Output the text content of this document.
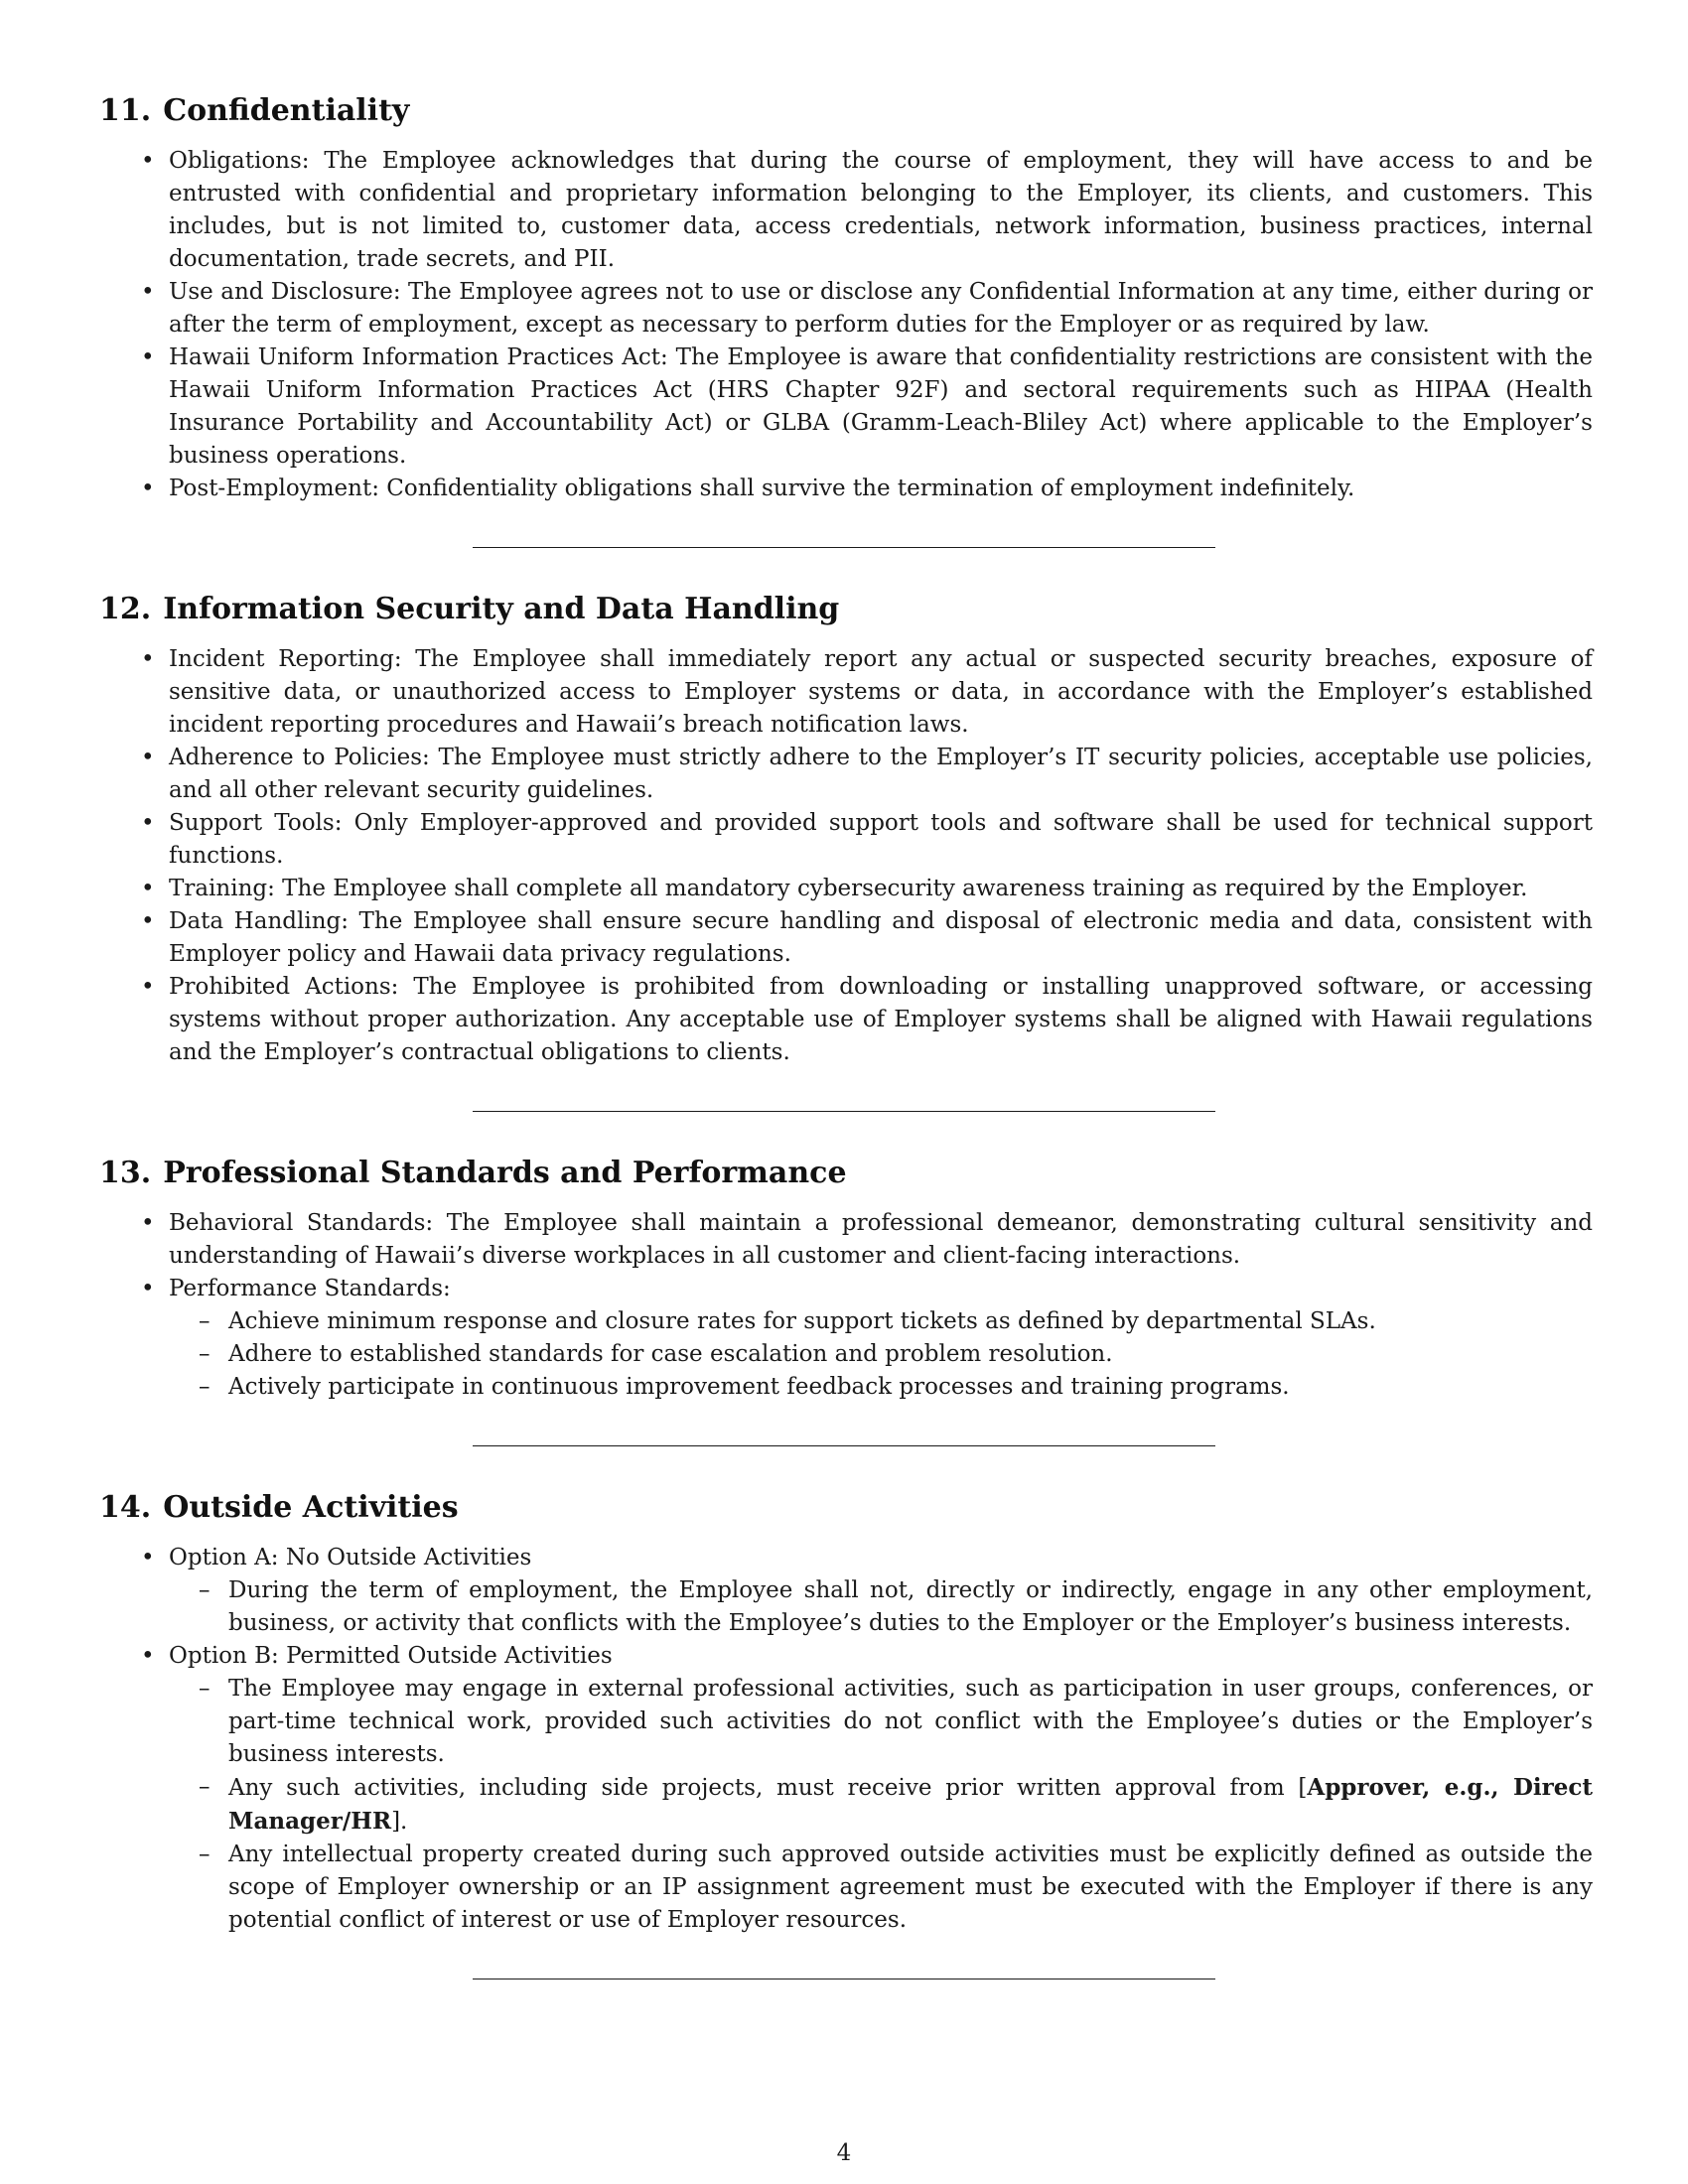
11. Confidentiality
• Obligations: The Employee acknowledges that during the course of employment, they will have access to and be entrusted with confidential and proprietary information belonging to the Employer, its clients, and customers. This includes, but is not limited to, customer data, access credentials, network information, business practices, internal documentation, trade secrets, and PII.
• Use and Disclosure: The Employee agrees not to use or disclose any Confidential Information at any time, either during or after the term of employment, except as necessary to perform duties for the Employer or as required by law.
• Hawaii Uniform Information Practices Act: The Employee is aware that confidentiality restrictions are consistent with the Hawaii Uniform Information Practices Act (HRS Chapter 92F) and sectoral requirements such as HIPAA (Health Insurance Portability and Accountability Act) or GLBA (Gramm-Leach-Bliley Act) where applicable to the Employer’s business operations.
• Post-Employment: Confidentiality obligations shall survive the termination of employment indefinitely.
12. Information Security and Data Handling
• Incident Reporting: The Employee shall immediately report any actual or suspected security breaches, exposure of sensitive data, or unauthorized access to Employer systems or data, in accordance with the Employer’s established incident reporting procedures and Hawaii’s breach notification laws.
• Adherence to Policies: The Employee must strictly adhere to the Employer’s IT security policies, acceptable use policies, and all other relevant security guidelines.
• Support Tools: Only Employer-approved and provided support tools and software shall be used for technical support functions.
• Training: The Employee shall complete all mandatory cybersecurity awareness training as required by the Employer.
• Data Handling: The Employee shall ensure secure handling and disposal of electronic media and data, consistent with Employer policy and Hawaii data privacy regulations.
• Prohibited Actions: The Employee is prohibited from downloading or installing unapproved software, or accessing systems without proper authorization. Any acceptable use of Employer systems shall be aligned with Hawaii regulations and the Employer’s contractual obligations to clients.
13. Professional Standards and Performance
• Behavioral Standards: The Employee shall maintain a professional demeanor, demonstrating cultural sensitivity and understanding of Hawaii’s diverse workplaces in all customer and client-facing interactions.
• Performance Standards:
– Achieve minimum response and closure rates for support tickets as defined by departmental SLAs.
– Adhere to established standards for case escalation and problem resolution.
– Actively participate in continuous improvement feedback processes and training programs.
14. Outside Activities
• Option A: No Outside Activities
– During the term of employment, the Employee shall not, directly or indirectly, engage in any other employment, business, or activity that conflicts with the Employee’s duties to the Employer or the Employer’s business interests.
• Option B: Permitted Outside Activities
– The Employee may engage in external professional activities, such as participation in user groups, conferences, or part-time technical work, provided such activities do not conflict with the Employee’s duties or the Employer’s business interests.
– Any such activities, including side projects, must receive prior written approval from [Approver, e.g., Direct Manager/HR].
– Any intellectual property created during such approved outside activities must be explicitly defined as outside the scope of Employer ownership or an IP assignment agreement must be executed with the Employer if there is any potential conflict of interest or use of Employer resources.
4
